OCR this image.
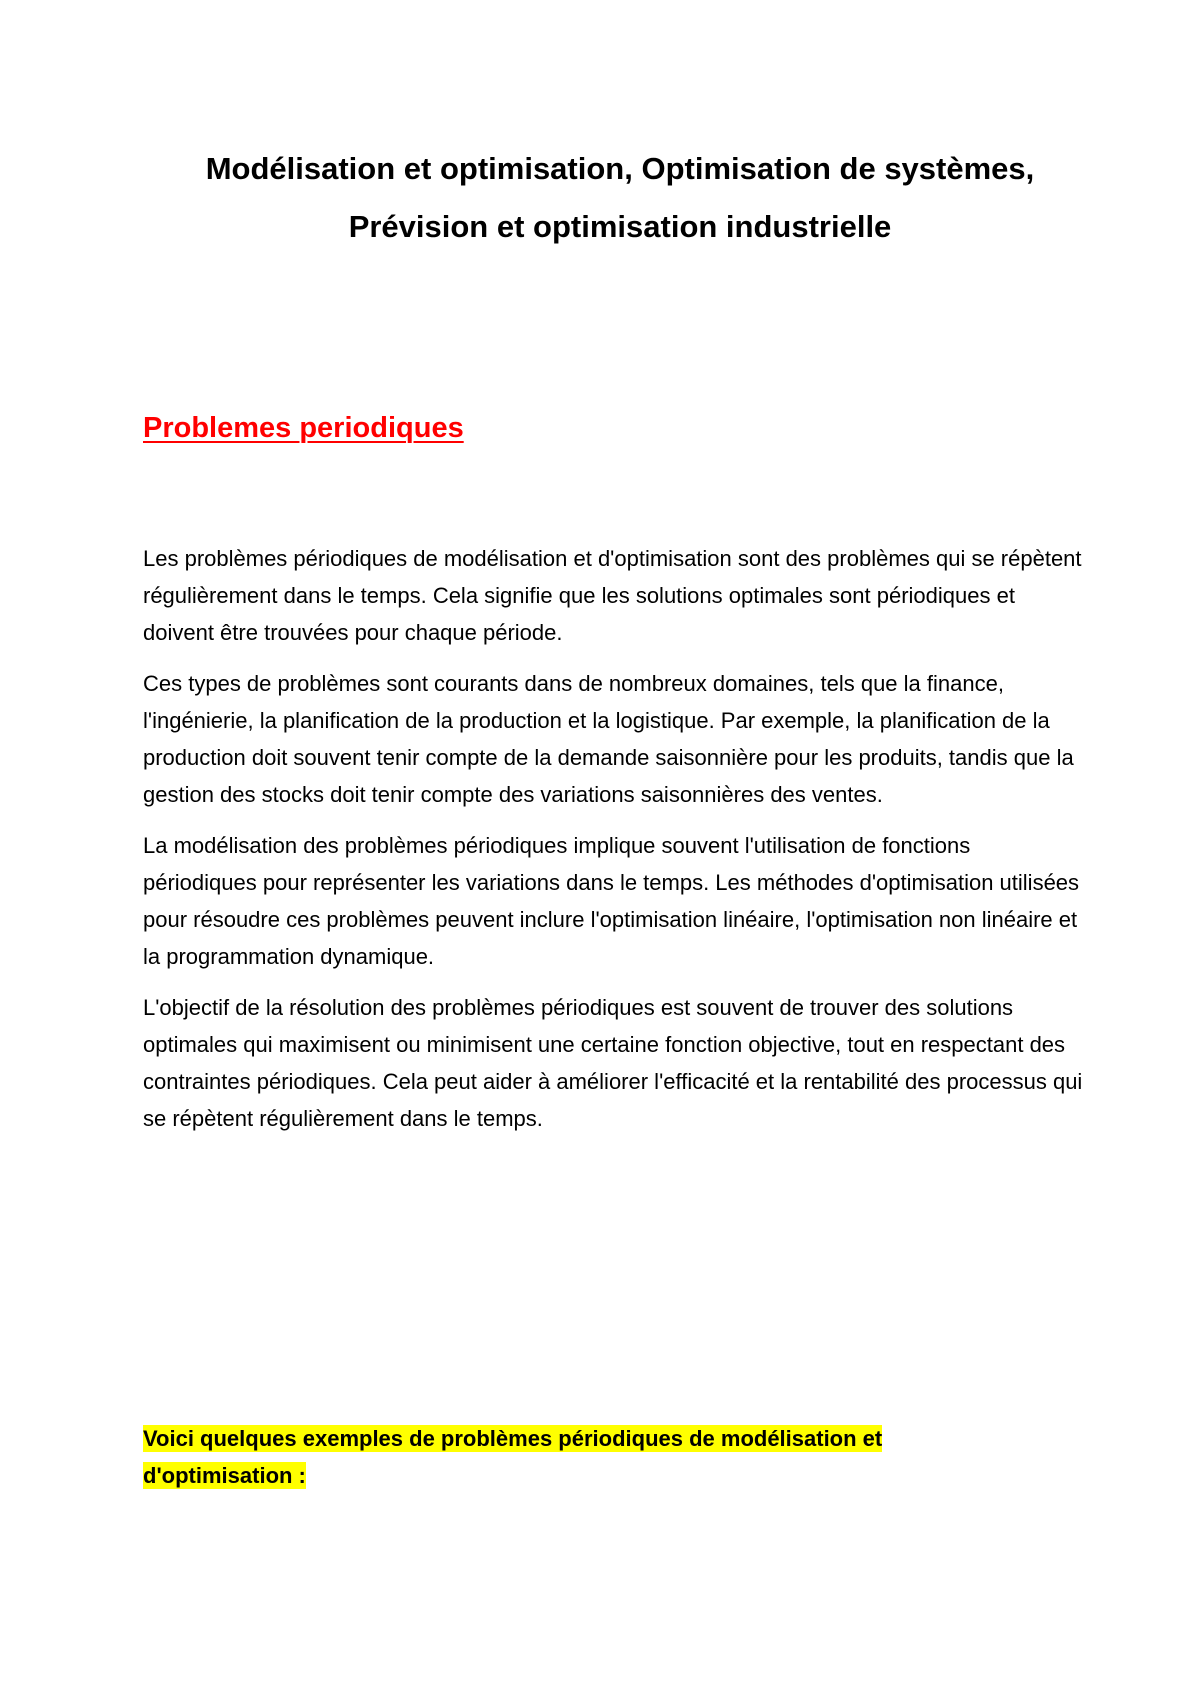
Modélisation et optimisation, Optimisation de systèmes, Prévision et optimisation industrielle
Problemes periodiques

Les problèmes périodiques de modélisation et d'optimisation sont des problèmes qui se répètent régulièrement dans le temps. Cela signifie que les solutions optimales sont périodiques et doivent être trouvées pour chaque période.

Ces types de problèmes sont courants dans de nombreux domaines, tels que la finance, l'ingénierie, la planification de la production et la logistique. Par exemple, la planification de la production doit souvent tenir compte de la demande saisonnière pour les produits, tandis que la gestion des stocks doit tenir compte des variations saisonnières des ventes.

La modélisation des problèmes périodiques implique souvent l'utilisation de fonctions périodiques pour représenter les variations dans le temps. Les méthodes d'optimisation utilisées pour résoudre ces problèmes peuvent inclure l'optimisation linéaire, l'optimisation non linéaire et la programmation dynamique.

L'objectif de la résolution des problèmes périodiques est souvent de trouver des solutions optimales qui maximisent ou minimisent une certaine fonction objective, tout en respectant des contraintes périodiques. Cela peut aider à améliorer l'efficacité et la rentabilité des processus qui se répètent régulièrement dans le temps.

Voici quelques exemples de problèmes périodiques de modélisation et d'optimisation :
